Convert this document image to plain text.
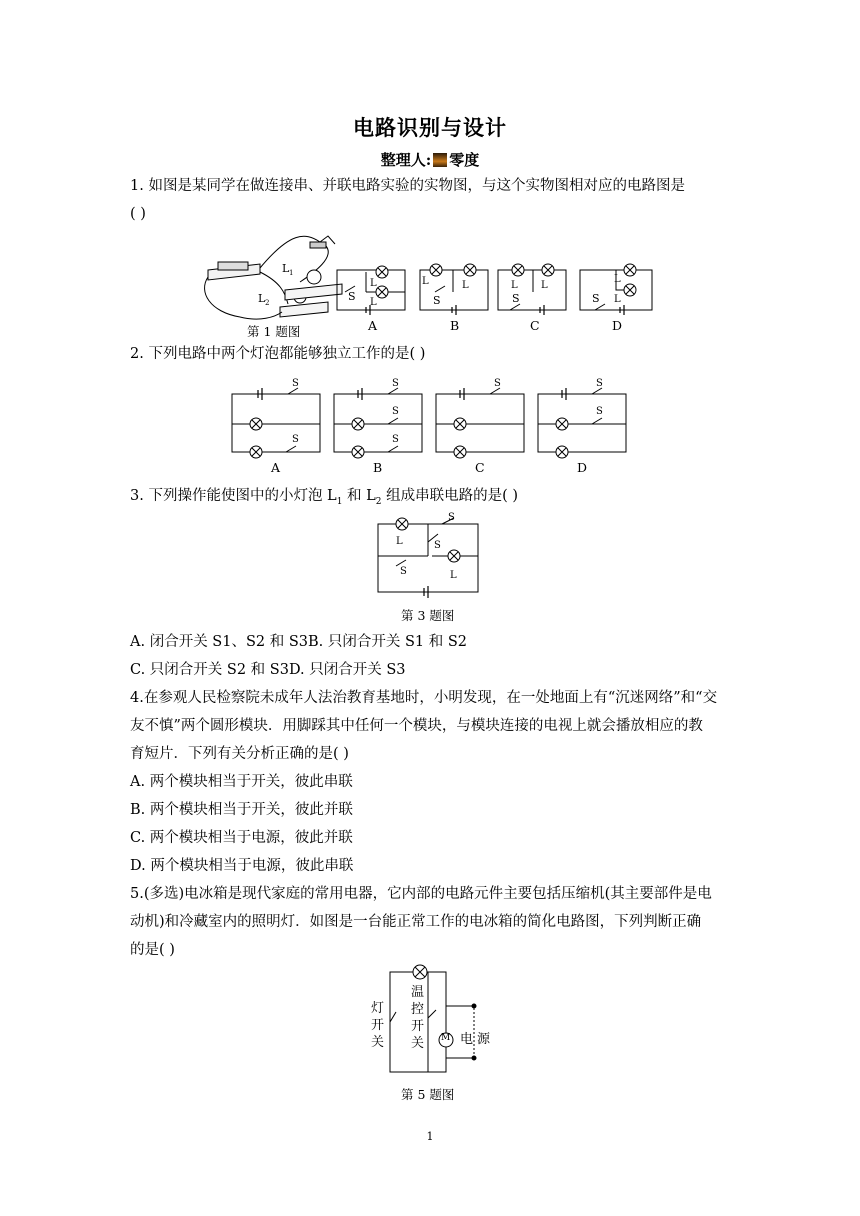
电路识别与设计
整理人: 零度
1. 如图是某同学在做连接串、并联电路实验的实物图，与这个实物图相对应的电路图是
( )
L 1
L 2	S
L
L
L	L
S
L L
S
L
L
S
第 1 题图	A	B	C	D
2. 下列电路中两个灯泡都能够独立工作的是( )
S
S
S
S
S
S	S
S
A	B	C	D
3. 下列操作能使图中的小灯泡 $L_1$ 和 $L_2$ 组成串联电路的是( )
L
S
S
S	L
第 3 题图
A. 闭合开关 S1、S2 和 S3B. 只闭合开关 S1 和 S2
C. 只闭合开关 S2 和 S3D. 只闭合开关 S3
4.在参观人民检察院未成年人法治教育基地时，小明发现，在一处地面上有“沉迷网络”和“交
友不慎”两个圆形模块．用脚踩其中任何一个模块，与模块连接的电视上就会播放相应的教
育短片．下列有关分析正确的是( )
A. 两个模块相当于开关，彼此串联
B. 两个模块相当于开关，彼此并联
C. 两个模块相当于电源，彼此并联
D. 两个模块相当于电源，彼此串联
5.(多选)电冰箱是现代家庭的常用电器，它内部的电路元件主要包括压缩机(其主要部件是电
动机)和冷藏室内的照明灯．如图是一台能正常工作的电冰箱的简化电路图，下列判断正确
的是( )
灯开关
温控开关 M 电源
第 5 题图
1
